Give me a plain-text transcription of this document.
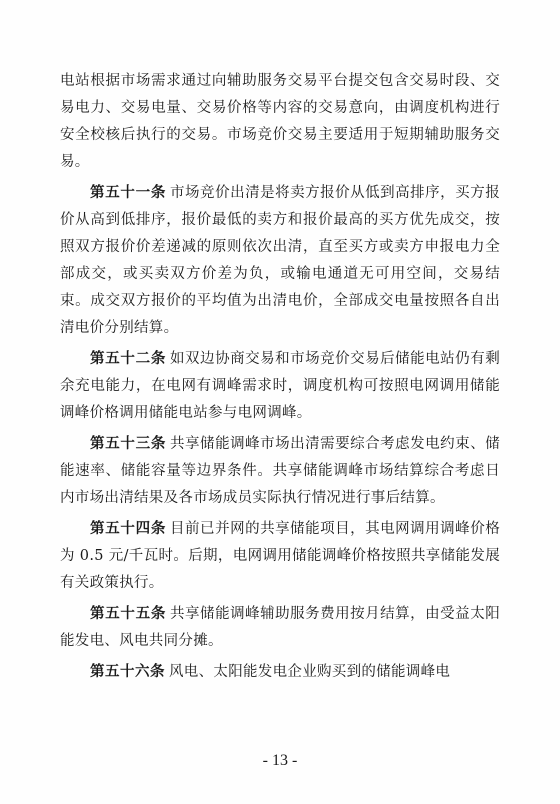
电站根据市场需求通过向辅助服务交易平台提交包含交易时段、交易电力、交易电量、交易价格等内容的交易意向，由调度机构进行安全校核后执行的交易。市场竞价交易主要适用于短期辅助服务交易。

第五十一条 市场竞价出清是将卖方报价从低到高排序，买方报价从高到低排序，报价最低的卖方和报价最高的买方优先成交，按照双方报价价差递减的原则依次出清，直至买方或卖方申报电力全部成交，或买卖双方价差为负，或输电通道无可用空间，交易结束。成交双方报价的平均值为出清电价，全部成交电量按照各自出清电价分别结算。

第五十二条 如双边协商交易和市场竞价交易后储能电站仍有剩余充电能力，在电网有调峰需求时，调度机构可按照电网调用储能调峰价格调用储能电站参与电网调峰。

第五十三条 共享储能调峰市场出清需要综合考虑发电约束、储能速率、储能容量等边界条件。共享储能调峰市场结算综合考虑日内市场出清结果及各市场成员实际执行情况进行事后结算。

第五十四条 目前已并网的共享储能项目，其电网调用调峰价格为 0.5 元/千瓦时。后期，电网调用储能调峰价格按照共享储能发展有关政策执行。

第五十五条 共享储能调峰辅助服务费用按月结算，由受益太阳能发电、风电共同分摊。

第五十六条 风电、太阳能发电企业购买到的储能调峰电

- 13 -
